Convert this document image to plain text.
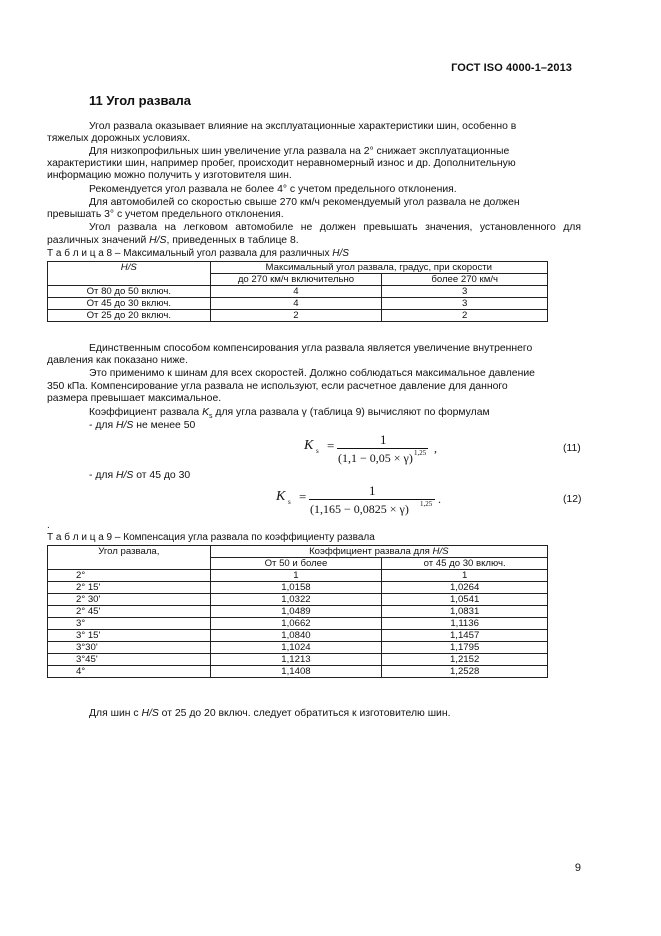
ГОСТ ISO 4000-1–2013
11 Угол развала
Угол развала оказывает влияние на эксплуатационные характеристики шин, особенно в
тяжелых дорожных условиях.
Для низкопрофильных шин увеличение угла развала на 2° снижает эксплуатационные
характеристики шин, например пробег, происходит неравномерный износ и др. Дополнительную
информацию можно получить у изготовителя шин.
Рекомендуется угол развала не более 4° с учетом предельного отклонения.
Для автомобилей со скоростью свыше 270 км/ч рекомендуемый угол развала не должен
превышать 3° с учетом предельного отклонения.
Угол развала на легковом автомобиле не должен превышать значения, установленного для
различных значений H/S, приведенных в таблице 8.
Т а б л и ц а 8 – Максимальный угол развала для различных H/S
H/S	Максимальный угол развала, градус, при скорости	
	до 270 км/ч включительно	более 270 км/ч
От 80 до 50 включ.	4	3
От 45 до 30 включ.	4	3
От 25 до 20 включ.	2	2
Единственным способом компенсирования угла развала является увеличение внутреннего
давления как показано ниже.
Это применимо к шинам для всех скоростей. Должно соблюдаться максимальное давление
350 кПа. Компенсирование угла развала не используют, если расчетное давление для данного
размера превышает максимальное.
Коэффициент развала $K_s$ для угла развала γ (таблица 9) вычисляют по формулам
- для H/S не менее 50
K s =	1
(1,1 − 0,05 × γ) 1,25 ,	(11)
- для H/S от 45 до 30
K s =	1
(1,165 − 0,0825 × γ) 1,25 .	(12)
.
Т а б л и ц а 9 – Компенсация угла развала по коэффициенту развала
Угол развала,	Коэффициент развала для H/S	
	От 50 и более	от 45 до 30 включ.
2°	1	1
2° 15'	1,0158	1,0264
2° 30'	1,0322	1,0541
2° 45'	1,0489	1,0831
3°	1,0662	1,1136
3° 15'	1,0840	1,1457
3°30'	1,1024	1,1795
3°45'	1,1213	1,2152
4°	1,1408	1,2528
Для шин с H/S от 25 до 20 включ. следует обратиться к изготовителю шин.
9
